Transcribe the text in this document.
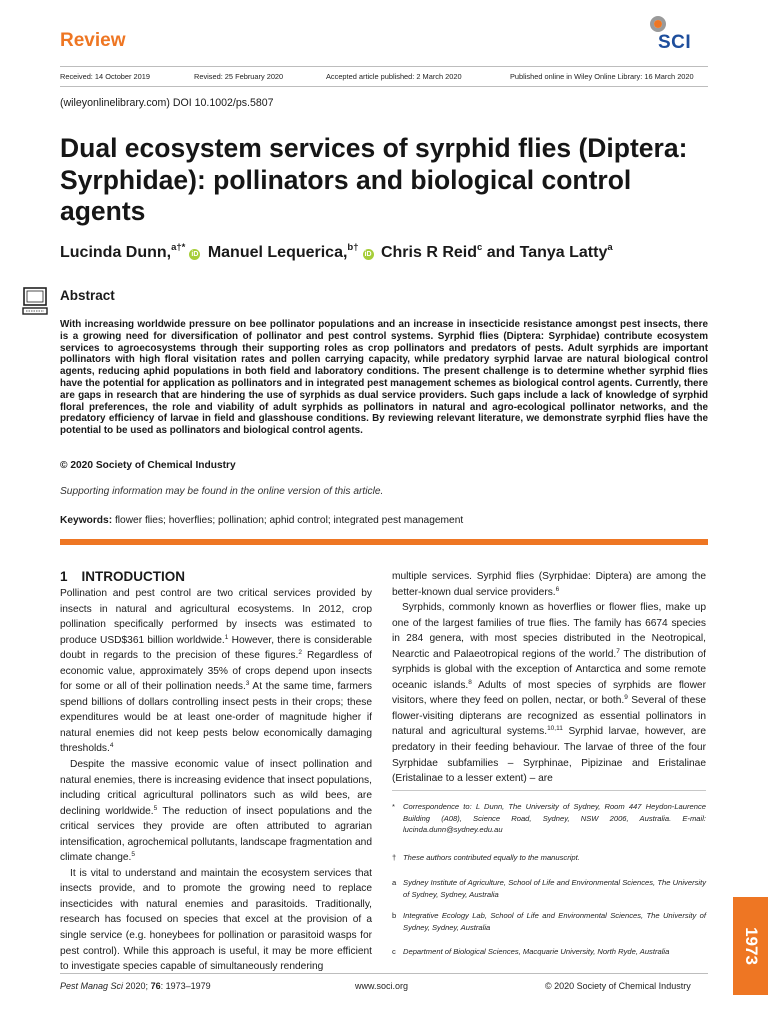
Review	SCI
Received: 14 October 2019	Revised: 25 February 2020	Accepted article published: 2 March 2020	Published online in Wiley Online Library: 16 March 2020
(wileyonlinelibrary.com) DOI 10.1002/ps.5807
Dual ecosystem services of syrphid flies (Diptera: Syrphidae): pollinators and biological control agents
Lucinda Dunn,$^{a\dagger*}$iD Manuel Lequerica,$^{b\dagger}$iD Chris R Reid$^c$ and Tanya Latty$^a$
Abstract
With increasing worldwide pressure on bee pollinator populations and an increase in insecticide resistance amongst pest insects, there is a growing need for diversification of pollinator and pest control systems. Syrphid flies (Diptera: Syrphidae) contribute ecosystem services to agroecosystems through their supporting roles as crop pollinators and predators of pests. Adult syrphids are important pollinators with high floral visitation rates and pollen carrying capacity, while predatory syrphid larvae are natural biological control agents, reducing aphid populations in both field and laboratory conditions. The present challenge is to determine whether syrphid flies have the potential for application as pollinators and in integrated pest management schemes as biological control agents. Currently, there are gaps in research that are hindering the use of syrphids as dual service providers. Such gaps include a lack of knowledge of syrphid floral preferences, the role and viability of adult syrphids as pollinators in natural and agro-ecological pollinator networks, and the predatory efficiency of larvae in field and glasshouse conditions. By reviewing relevant literature, we demonstrate syrphid flies have the potential to be used as pollinators and biological control agents.
© 2020 Society of Chemical Industry
Supporting information may be found in the online version of this article.
Keywords: flower flies; hoverflies; pollination; aphid control; integrated pest management
1 INTRODUCTION

Pollination and pest control are two critical services provided by insects in natural and agricultural ecosystems. In 2012, crop pollination specifically performed by insects was estimated to produce USD$361 billion worldwide.$^1$ However, there is considerable doubt in regards to the precision of these figures.$^2$ Regardless of economic value, approximately 35% of crops depend upon insects for some or all of their pollination needs.$^3$ At the same time, farmers spend billions of dollars controlling insect pests in their crops; these expenditures would be at least one-order of magnitude higher if natural enemies did not keep pests below economically damaging thresholds.$^4$

Despite the massive economic value of insect pollination and natural enemies, there is increasing evidence that insect populations, including critical agricultural pollinators such as wild bees, are declining worldwide.$^5$ The reduction of insect populations and the critical services they provide are often attributed to agrarian intensification, agrochemical pollutants, landscape fragmentation and climate change.$^5$

It is vital to understand and maintain the ecosystem services that insects provide, and to promote the growing need to replace insecticides with natural enemies and parasitoids. Traditionally, research has focused on species that excel at the provision of a single service (e.g. honeybees for pollination or parasitoid wasps for pest control). While this approach is useful, it may be more efficient to investigate species capable of simultaneously rendering

multiple services. Syrphid flies (Syrphidae: Diptera) are among the better-known dual service providers.$^6$

Syrphids, commonly known as hoverflies or flower flies, make up one of the largest families of true flies. The family has 6674 species in 284 genera, with most species distributed in the Neotropical, Nearctic and Palaeotropical regions of the world.$^7$ The distribution of syrphids is global with the exception of Antarctica and some remote oceanic islands.$^8$ Adults of most species of syrphids are flower visitors, where they feed on pollen, nectar, or both.$^9$ Several of these flower-visiting dipterans are recognized as essential pollinators in natural and agricultural systems.$^{10,11}$ Syrphid larvae, however, are predatory in their feeding behaviour. The larvae of three of the four Syrphidae subfamilies – Syrphinae, Pipizinae and Eristalinae (Eristalinae to a lesser extent) – are

* Correspondence to: L Dunn, The University of Sydney, Room 447 Heydon-Laurence Building (A08), Science Road, Sydney, NSW 2006, Australia. E-mail: lucinda.dunn@sydney.edu.au
† These authors contributed equally to the manuscript.
a Sydney Institute of Agriculture, School of Life and Environmental Sciences, The University of Sydney, Sydney, Australia
b Integrative Ecology Lab, School of Life and Environmental Sciences, The University of Sydney, Sydney, Australia
c Department of Biological Sciences, Macquarie University, North Ryde, Australia
Pest Manag Sci 2020; 76: 1973–1979	www.soci.org	© 2020 Society of Chemical Industry
1973
